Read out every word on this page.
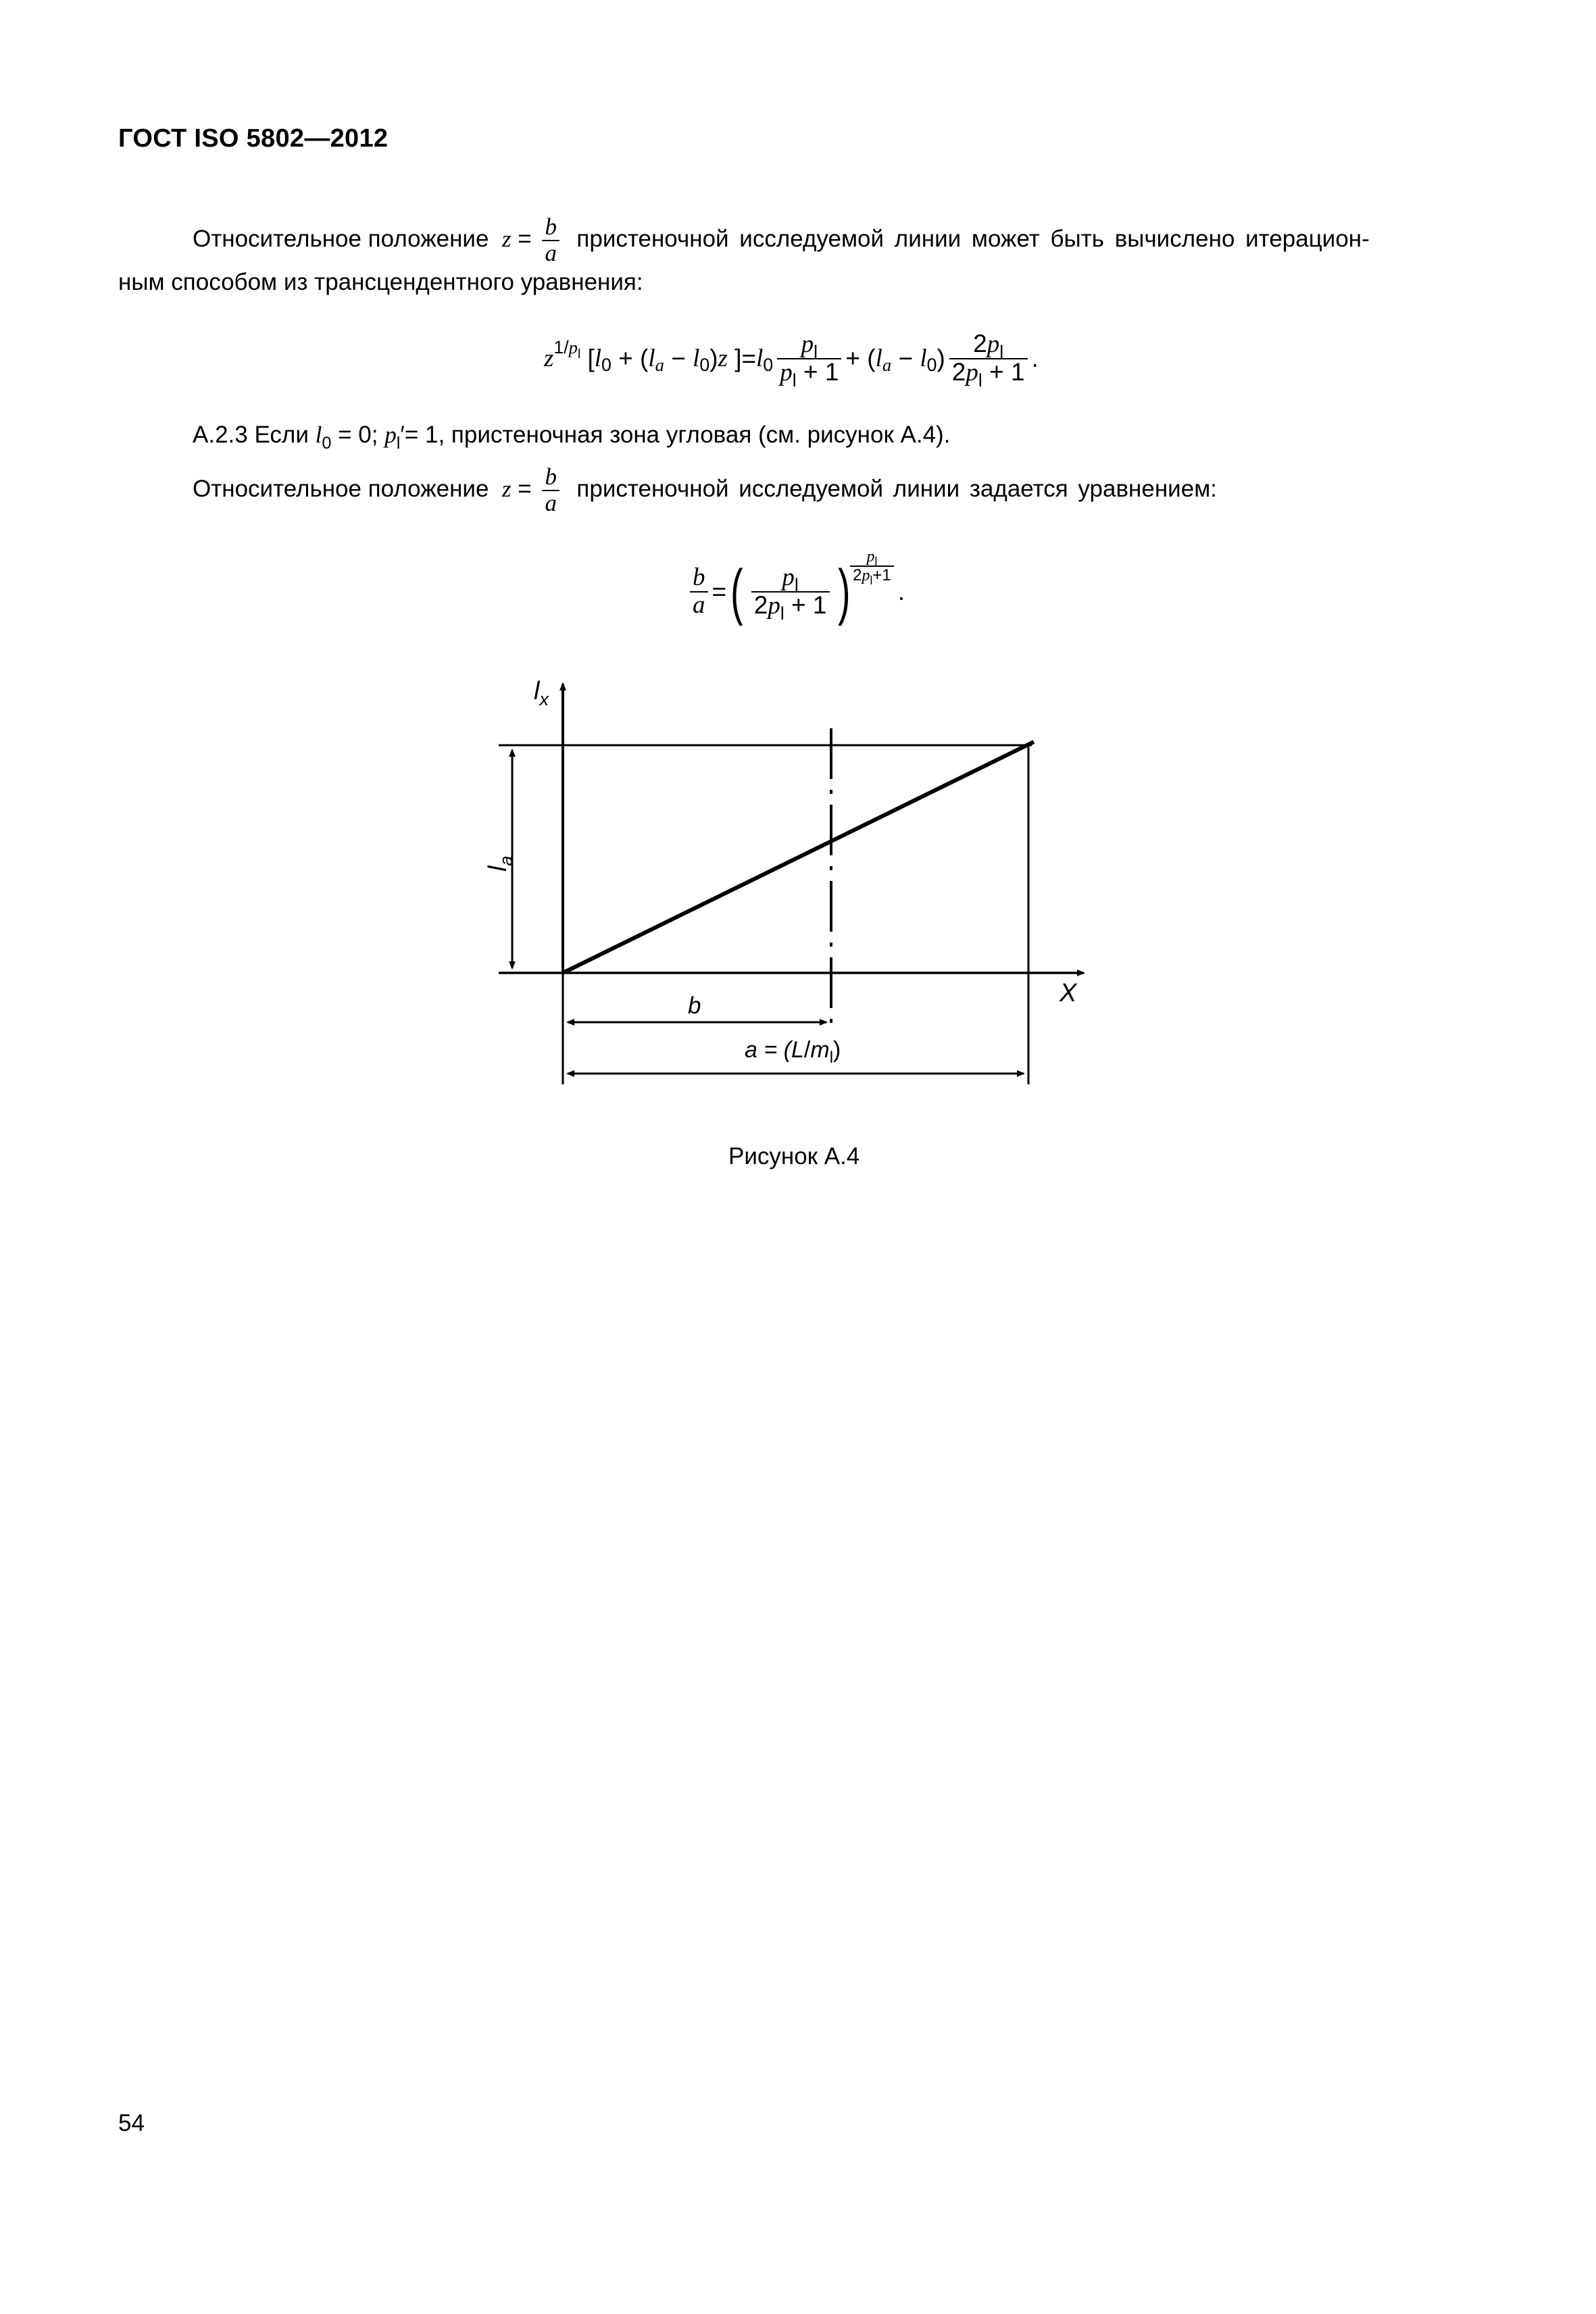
ГОСТ ISO 5802—2012
Относительное положение $z = \frac{b}{a}$ пристеночной исследуемой линии может быть вычислено итерацион-
ным способом из трансцендентного уравнения:
z $1/p_l$
[ l 0
+
( l a
−
l 0 ) z
] = l $0 \frac{p_l}{p_l + 1}$ +
( l a
−
l 0 ) $\frac{2p_l}{2p_l + 1}$ .
А.2.3 Если $l_0 = 0$; $p_l'= 1$, пристеночная зона угловая (см. рисунок А.4).
Относительное положение $z = \frac{b}{a}$ пристеночной исследуемой линии задается уравнением:
$\frac{b}{a}$ = ( $\frac{p_l}{2p_l + 1}$ ) $\frac{p_l}{2p_l+1}$
.
$l_x$
X
$l_a$
b
$a = (L/m_l)$
Рисунок А.4
54
